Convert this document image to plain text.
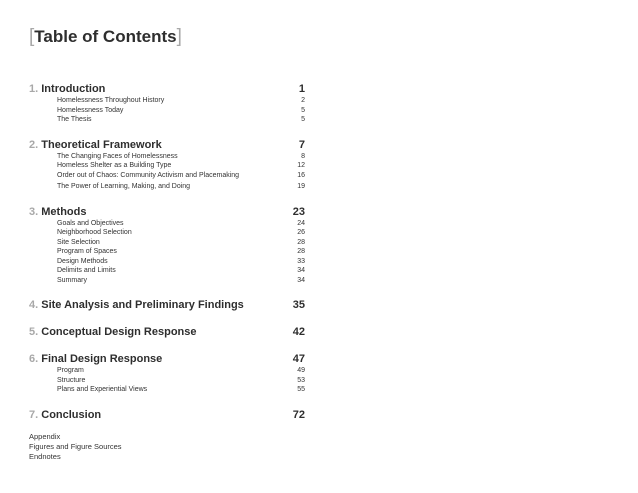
[Table of Contents]
1. Introduction	1
Homelessness Throughout History	2
Homelessness Today	5
The Thesis	5
2. Theoretical Framework	7
The Changing Faces of Homelessness	8
Homeless Shelter as a Building Type	12
Order out of Chaos: Community Activism and Placemaking	16
The Power of Learning, Making, and Doing	19
3. Methods	23
Goals and Objectives	24
Neighborhood Selection	26
Site Selection	28
Program of Spaces	28
Design Methods	33
Delimits and Limits	34
Summary	34
4. Site Analysis and Preliminary Findings	35
5. Conceptual Design Response	42
6. Final Design Response	47
Program	49
Structure	53
Plans and Experiential Views	55
7. Conclusion	72
Appendix
Figures and Figure Sources
Endnotes
